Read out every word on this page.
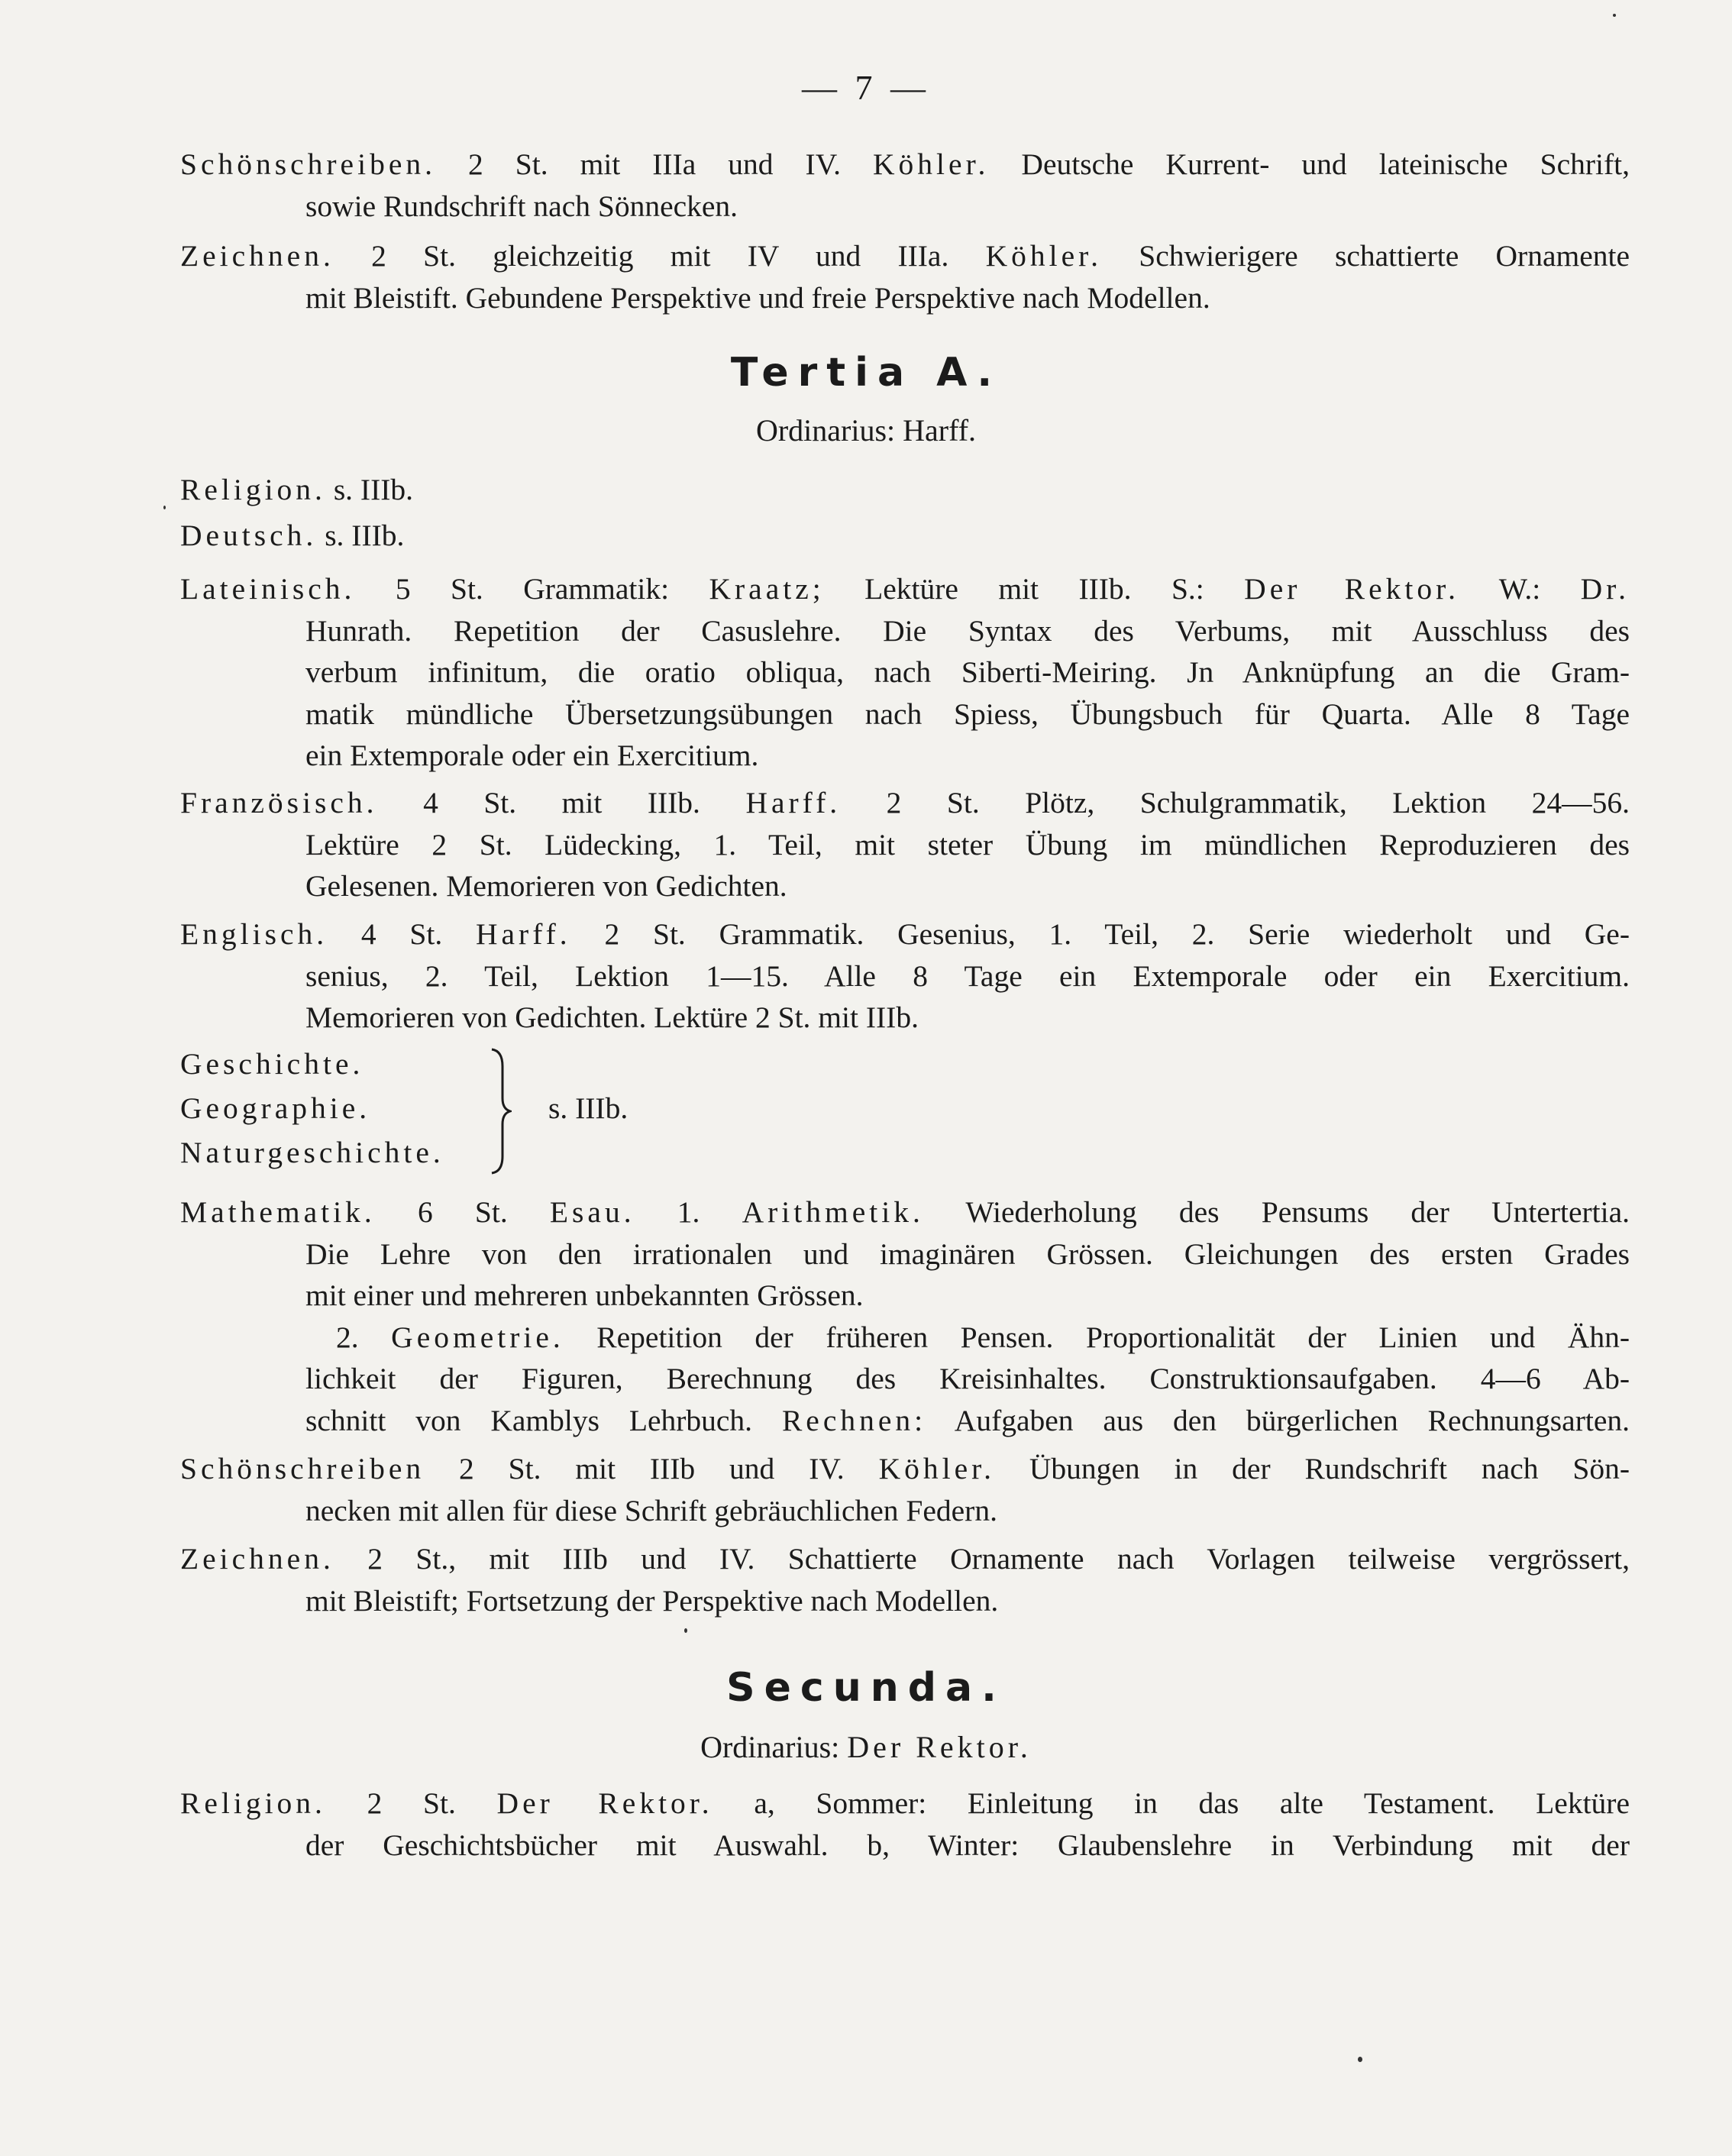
— 7 —
Schönschreiben. 2 St. mit IIIa und IV. Köhler. Deutsche Kurrent- und lateinische Schrift,
sowie Rundschrift nach Sönnecken.
Zeichnen. 2 St. gleichzeitig mit IV und IIIa. Köhler. Schwierigere schattierte Ornamente
mit Bleistift. Gebundene Perspektive und freie Perspektive nach Modellen.
Tertia A.
Ordinarius: Harff.
Religion. s. IIIb.
Deutsch. s. IIIb.
Lateinisch. 5 St. Grammatik: Kraatz; Lektüre mit IIIb. S.: Der Rektor. W.: Dr.
Hunrath. Repetition der Casuslehre. Die Syntax des Verbums, mit Ausschluss des
verbum infinitum, die oratio obliqua, nach Siberti-Meiring. Jn Anknüpfung an die Gram-
matik mündliche Übersetzungsübungen nach Spiess, Übungsbuch für Quarta. Alle 8 Tage
ein Extemporale oder ein Exercitium.
Französisch. 4 St. mit IIIb. Harff. 2 St. Plötz, Schulgrammatik, Lektion 24—56.
Lektüre 2 St. Lüdecking, 1. Teil, mit steter Übung im mündlichen Reproduzieren des
Gelesenen. Memorieren von Gedichten.
Englisch. 4 St. Harff. 2 St. Grammatik. Gesenius, 1. Teil, 2. Serie wiederholt und Ge-
senius, 2. Teil, Lektion 1—15. Alle 8 Tage ein Extemporale oder ein Exercitium.
Memorieren von Gedichten. Lektüre 2 St. mit IIIb.
Geschichte.
Geographie.
Naturgeschichte.
s. IIIb.
Mathematik. 6 St. Esau. 1. Arithmetik. Wiederholung des Pensums der Untertertia.
Die Lehre von den irrationalen und imaginären Grössen. Gleichungen des ersten Grades
mit einer und mehreren unbekannten Grössen.
2. Geometrie. Repetition der früheren Pensen. Proportionalität der Linien und Ähn-
lichkeit der Figuren, Berechnung des Kreisinhaltes. Construktionsaufgaben. 4—6 Ab-
schnitt von Kamblys Lehrbuch. Rechnen: Aufgaben aus den bürgerlichen Rechnungsarten.
Schönschreiben 2 St. mit IIIb und IV. Köhler. Übungen in der Rundschrift nach Sön-
necken mit allen für diese Schrift gebräuchlichen Federn.
Zeichnen. 2 St., mit IIIb und IV. Schattierte Ornamente nach Vorlagen teilweise vergrössert,
mit Bleistift; Fortsetzung der Perspektive nach Modellen.
Secunda.
Ordinarius: Der Rektor.
Religion. 2 St. Der Rektor. a, Sommer: Einleitung in das alte Testament. Lektüre
der Geschichtsbücher mit Auswahl. b, Winter: Glaubenslehre in Verbindung mit der
